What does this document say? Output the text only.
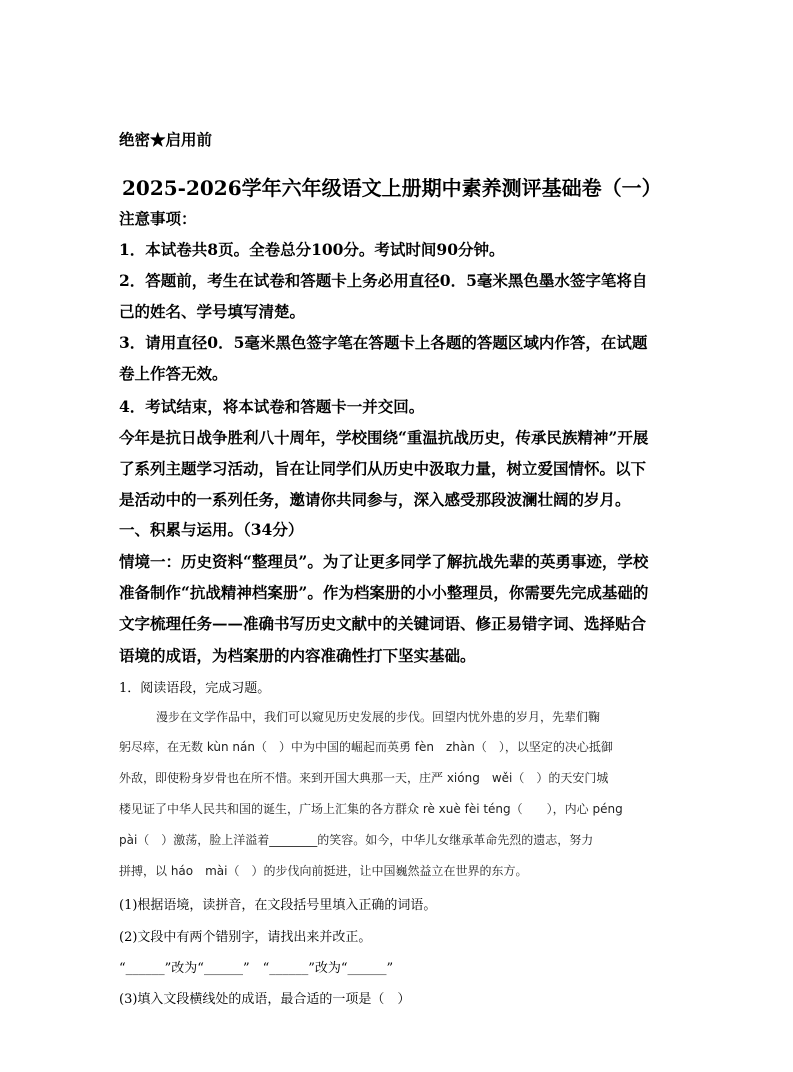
绝密★启用前
2025-2026学年六年级语文上册期中素养测评基础卷（一）
注意事项：
1．本试卷共8页。全卷总分100分。考试时间90分钟。
2．答题前，考生在试卷和答题卡上务必用直径0．5毫米黑色墨水签字笔将自
己的姓名、学号填写清楚。
3．请用直径0．5毫米黑色签字笔在答题卡上各题的答题区域内作答，在试题
卷上作答无效。
4．考试结束，将本试卷和答题卡一并交回。
今年是抗日战争胜利八十周年，学校围绕“重温抗战历史，传承民族精神”开展
了系列主题学习活动，旨在让同学们从历史中汲取力量，树立爱国情怀。以下
是活动中的一系列任务，邀请你共同参与，深入感受那段波澜壮阔的岁月。
一、积累与运用。（34分）
情境一：历史资料“整理员”。为了让更多同学了解抗战先辈的英勇事迹，学校
准备制作“抗战精神档案册”。作为档案册的小小整理员，你需要先完成基础的
文字梳理任务——准确书写历史文献中的关键词语、修正易错字词、选择贴合
语境的成语，为档案册的内容准确性打下坚实基础。
1．阅读语段，完成习题。
漫步在文学作品中，我们可以窥见历史发展的步伐。回望内忧外患的岁月，先辈们鞠
躬尽瘁，在无数 kùn nán（　）中为中国的崛起而英勇 fèn　zhàn（　），以坚定的决心抵御
外敌，即使粉身岁骨也在所不惜。来到开国大典那一天，庄严 xióng　wěi（　）的天安门城
楼见证了中华人民共和国的诞生，广场上汇集的各方群众 rè xuè fèi téng（　　），内心 péng
pài（　）激荡，脸上洋溢着________的笑容。如今，中华儿女继承革命先烈的遗志，努力
拼搏，以 háo　mài（　）的步伐向前挺进，让中国巍然益立在世界的东方。
(1)根据语境，读拼音，在文段括号里填入正确的词语。
(2)文段中有两个错别字，请找出来并改正。
“______”改为“______”　“______”改为“______”
(3)填入文段横线处的成语，最合适的一项是（　）
